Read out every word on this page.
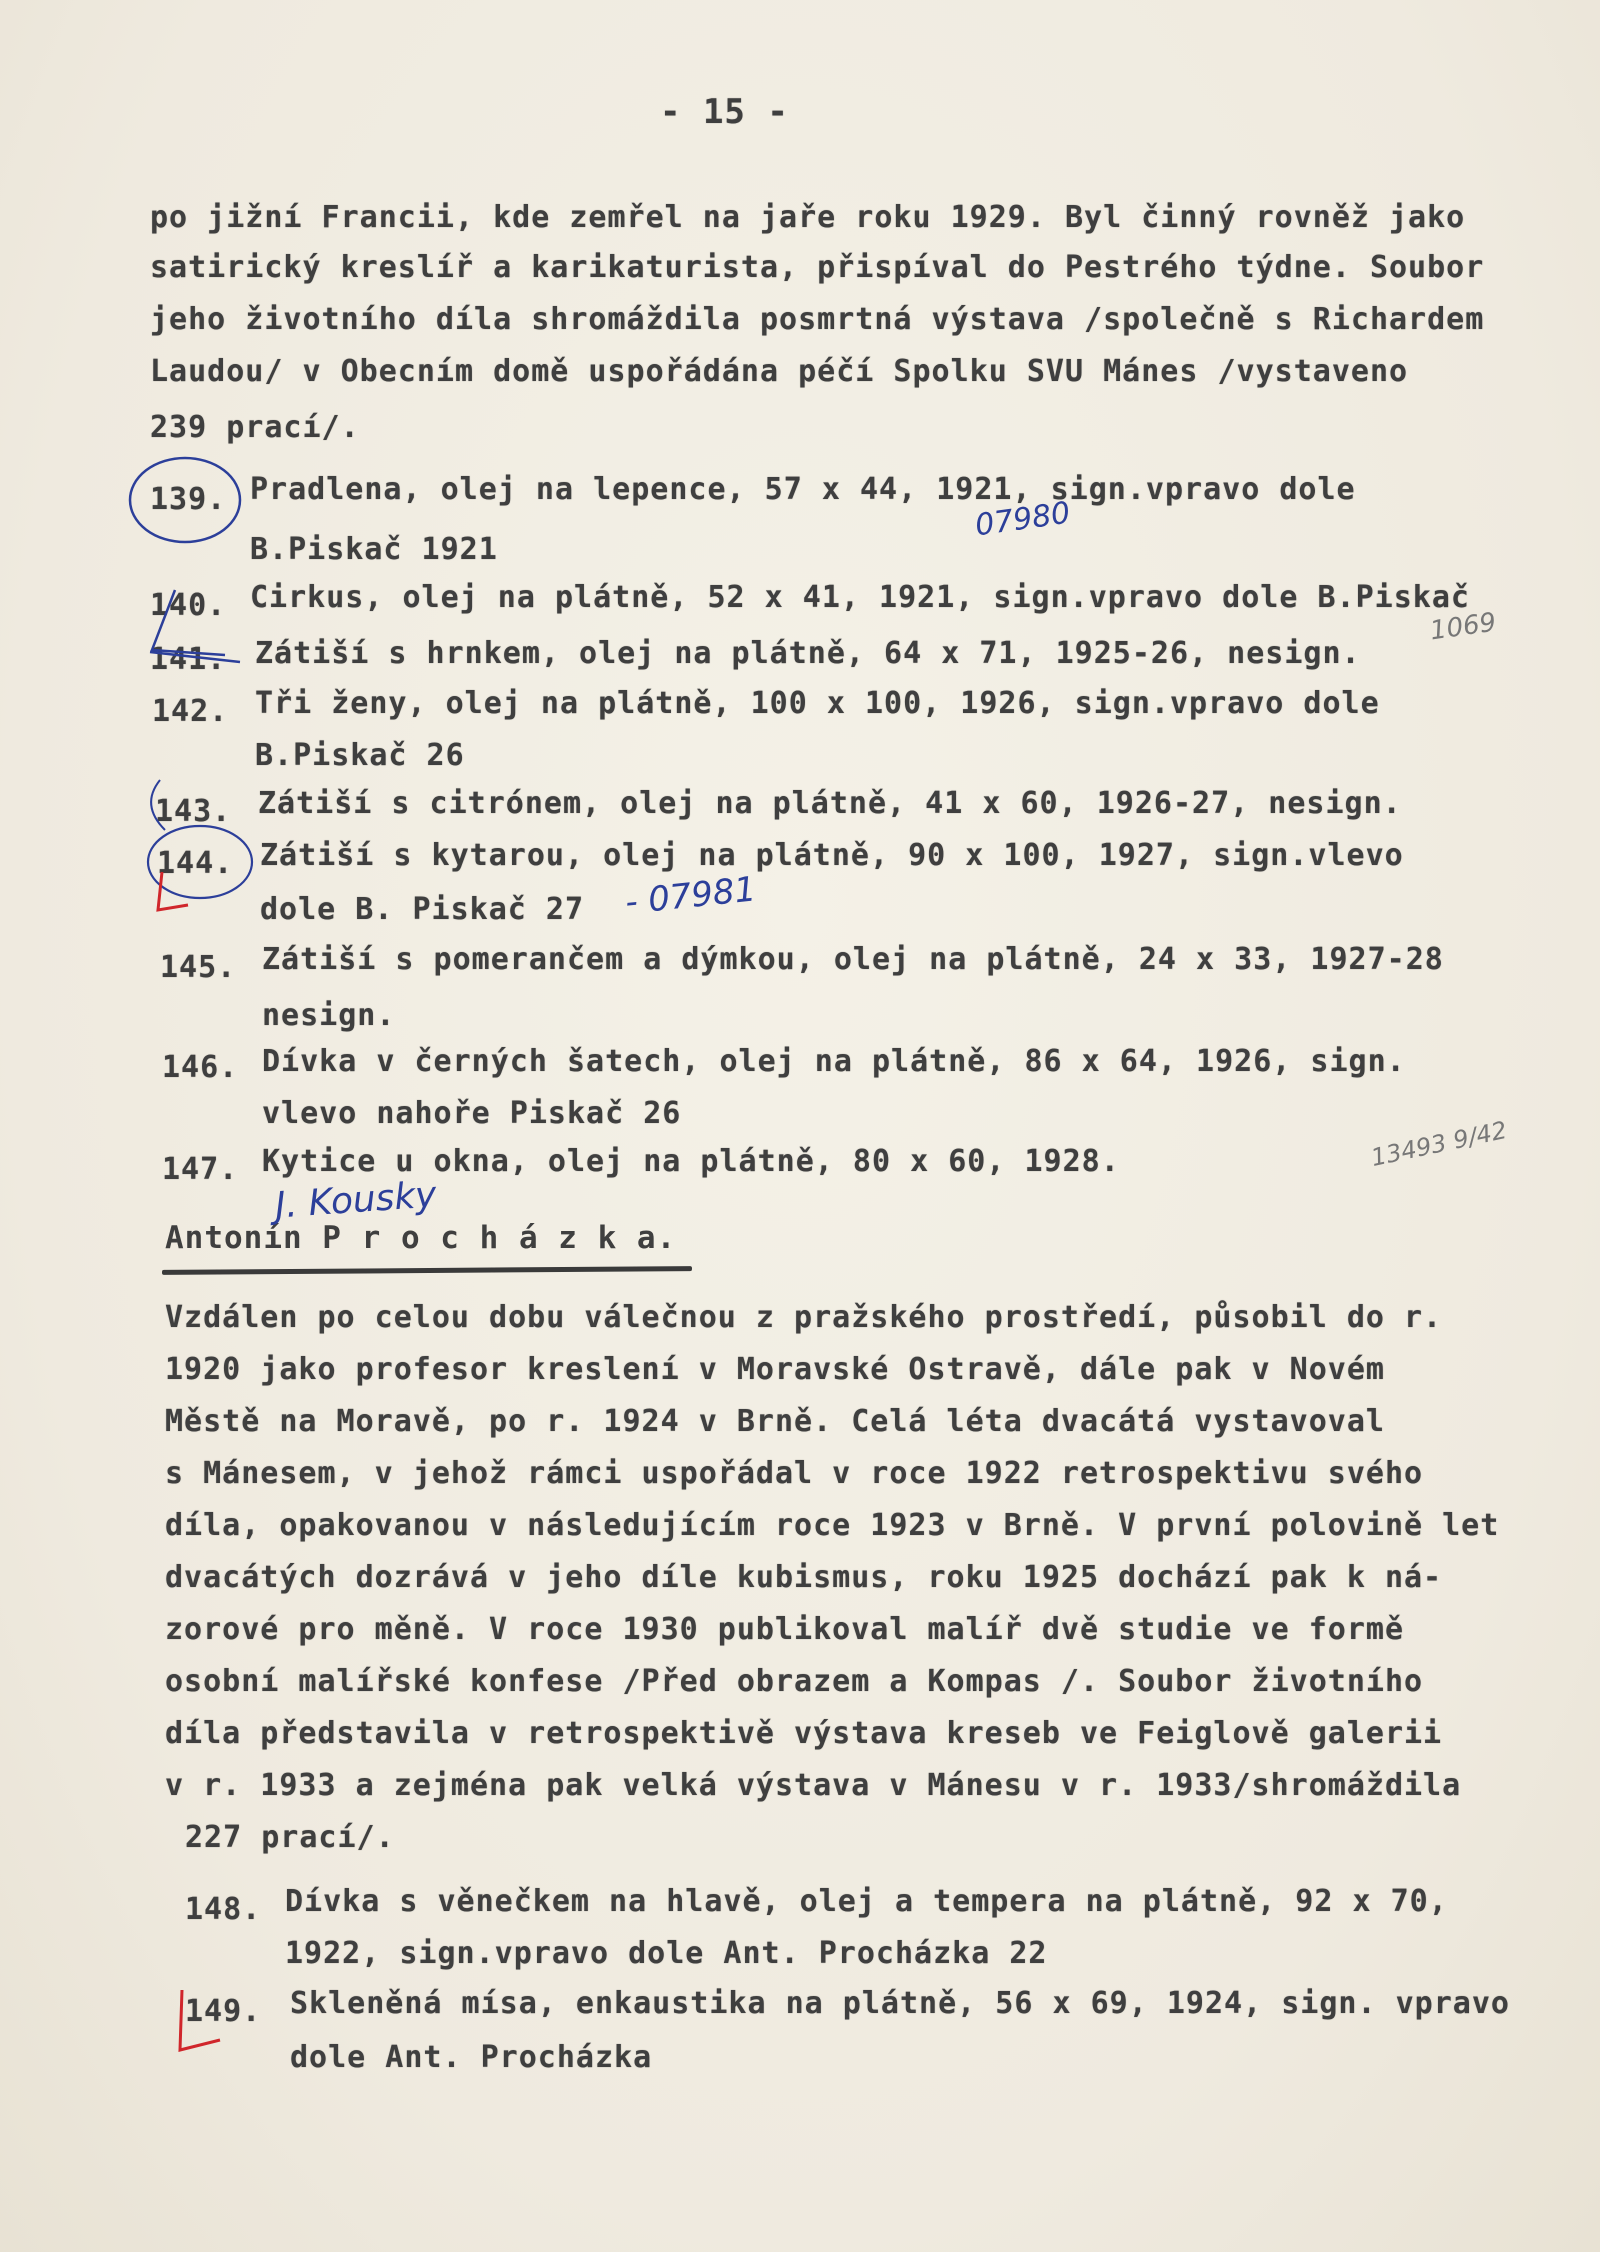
- 15 -
po jižní Francii, kde zemřel na jaře roku 1929. Byl činný rovněž jako
satirický kreslíř a karikaturista, přispíval do Pestrého týdne. Soubor
jeho životního díla shromáždila posmrtná výstava /společně s Richardem
Laudou/ v Obecním domě uspořádána péčí Spolku SVU Mánes /vystaveno
239 prací/.
139. Pradlena, olej na lepence, 57 x 44, 1921, sign.vpravo dole
B.Piskač 1921
140. Cirkus, olej na plátně, 52 x 41, 1921, sign.vpravo dole B.Piskač
141. Zátiší s hrnkem, olej na plátně, 64 x 71, 1925-26, nesign.
142. Tři ženy, olej na plátně, 100 x 100, 1926, sign.vpravo dole
B.Piskač 26
143. Zátiší s citrónem, olej na plátně, 41 x 60, 1926-27, nesign.
144. Zátiší s kytarou, olej na plátně, 90 x 100, 1927, sign.vlevo
dole B. Piskač 27
145. Zátiší s pomerančem a dýmkou, olej na plátně, 24 x 33, 1927-28
nesign.
146. Dívka v černých šatech, olej na plátně, 86 x 64, 1926, sign.
vlevo nahoře Piskač 26
147. Kytice u okna, olej na plátně, 80 x 60, 1928.
Antonín P r o c h á z k a.
Vzdálen po celou dobu válečnou z pražského prostředí, působil do r.
1920 jako profesor kreslení v Moravské Ostravě, dále pak v Novém
Městě na Moravě, po r. 1924 v Brně. Celá léta dvacátá vystavoval
s Mánesem, v jehož rámci uspořádal v roce 1922 retrospektivu svého
díla, opakovanou v následujícím roce 1923 v Brně. V první polovině let
dvacátých dozrává v jeho díle kubismus, roku 1925 dochází pak k ná-
zorové pro měně. V roce 1930 publikoval malíř dvě studie ve formě
osobní malířské konfese /Před obrazem a Kompas /. Soubor životního
díla představila v retrospektivě výstava kreseb ve Feiglově galerii
v r. 1933 a zejména pak velká výstava v Mánesu v r. 1933/shromáždila
227 prací/.
148. Dívka s věnečkem na hlavě, olej a tempera na plátně, 92 x 70,
1922, sign.vpravo dole Ant. Procházka 22
149. Skleněná mísa, enkaustika na plátně, 56 x 69, 1924, sign. vpravo
dole Ant. Procházka
07980
1069
- 07981
J. Kousky
13493 9/42
